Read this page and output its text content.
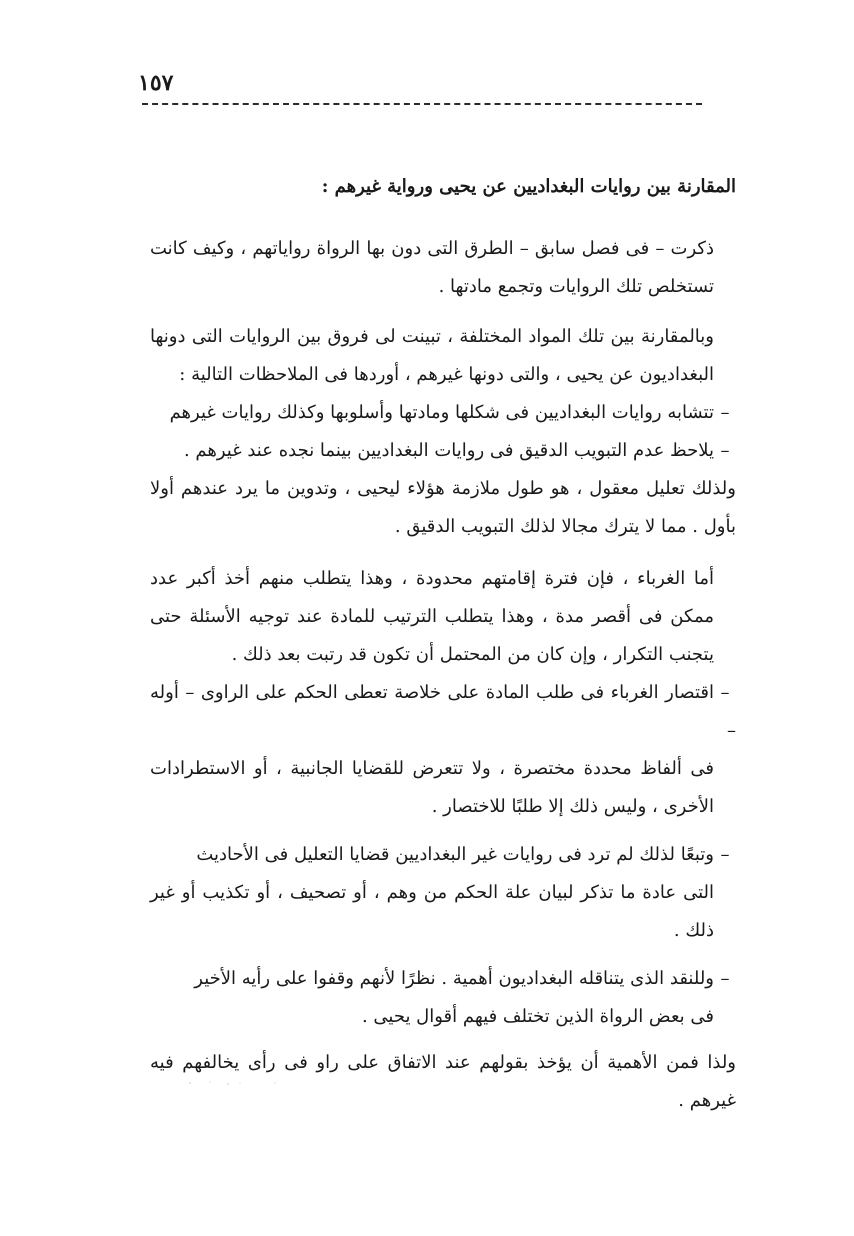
١٥٧

المقارنة بين روايات البغداديين عن يحيى ورواية غيرهم :

ذكرت – فى فصل سابق – الطرق التى دون بها الرواة رواياتهم ، وكيف كانت تستخلص تلك الروايات وتجمع مادتها .

وبالمقارنة بين تلك المواد المختلفة ، تبينت لى فروق بين الروايات التى دونها البغداديون عن يحيى ، والتى دونها غيرهم ، أوردها فى الملاحظات التالية :

–تتشابه روايات البغداديين فى شكلها ومادتها وأسلوبها وكذلك روايات غيرهم

–يلاحظ عدم التبويب الدقيق فى روايات البغداديين بينما نجده عند غيرهم .

ولذلك تعليل معقول ، هو طول ملازمة هؤلاء ليحيى ، وتدوين ما يرد عندهم أولا بأول . مما لا يترك مجالا لذلك التبويب الدقيق .

أما الغرباء ، فإن فترة إقامتهم محدودة ، وهذا يتطلب منهم أخذ أكبر عدد ممكن فى أقصر مدة ، وهذا يتطلب الترتيب للمادة عند توجيه الأسئلة حتى يتجنب التكرار ، وإن كان من المحتمل أن تكون قد رتبت بعد ذلك .

–اقتصار الغرباء فى طلب المادة على خلاصة تعطى الحكم على الراوى – أوله –
فى ألفاظ محددة مختصرة ، ولا تتعرض للقضايا الجانبية ، أو الاستطرادات الأخرى ، وليس ذلك إلا طلبًا للاختصار .

–وتبعًا لذلك لم ترد فى روايات غير البغداديين قضايا التعليل فى الأحاديث
التى عادة ما تذكر لبيان علة الحكم من وهم ، أو تصحيف ، أو تكذيب أو غير ذلك .

–وللنقد الذى يتناقله البغداديون أهمية . نظرًا لأنهم وقفوا على رأيه الأخير
فى بعض الرواة الذين تختلف فيهم أقوال يحيى .

ولذا فمن الأهمية أن يؤخذ بقولهم عند الاتفاق على راو فى رأى يخالفهم فيه غيرهم .
